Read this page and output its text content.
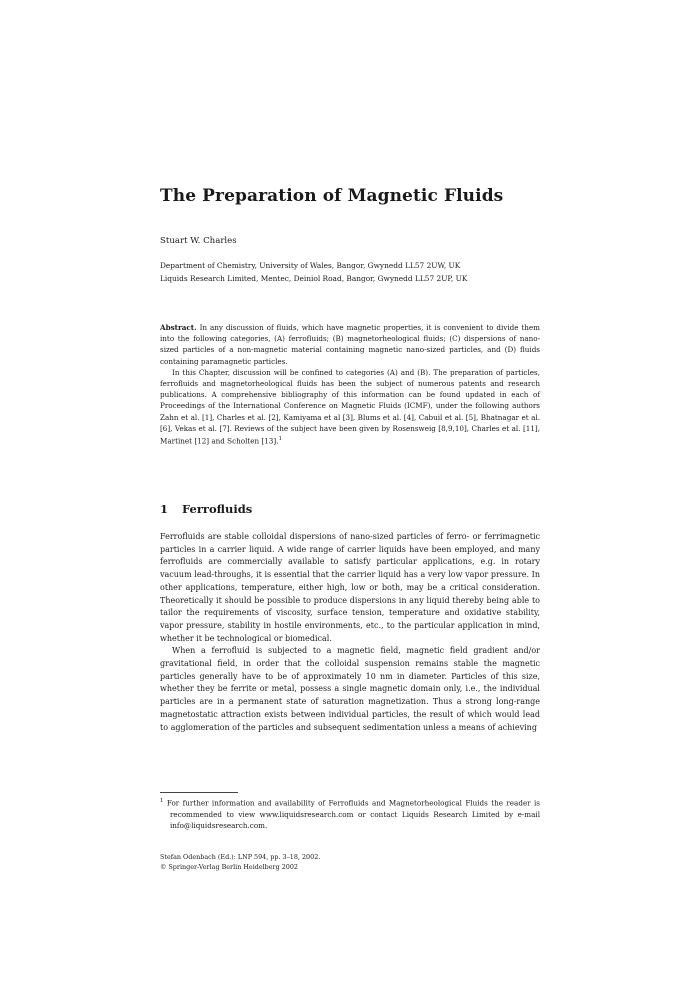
The Preparation of Magnetic Fluids
Stuart W. Charles
Department of Chemistry, University of Wales, Bangor, Gwynedd LL57 2UW, UK
Liquids Research Limited, Mentec, Deiniol Road, Bangor, Gwynedd LL57 2UP, UK

Abstract. In any discussion of fluids, which have magnetic properties, it is convenient to divide them into the following categories, (A) ferrofluids; (B) magnetorheological fluids; (C) dispersions of nano-sized particles of a non-magnetic material containing magnetic nano-sized particles, and (D) fluids containing paramagnetic particles.

In this Chapter, discussion will be confined to categories (A) and (B). The preparation of particles, ferrofluids and magnetorheological fluids has been the subject of numerous patents and research publications. A comprehensive bibliography of this information can be found updated in each of Proceedings of the International Conference on Magnetic Fluids (ICMF), under the following authors Zahn et al. [1], Charles et al. [2], Kamiyama et al [3], Blums et al. [4], Cabuil et al. [5], Bhatnagar et al. [6], Vekas et al. [7]. Reviews of the subject have been given by Rosensweig [8,9,10], Charles et al. [11], Martinet [12] and Scholten [13].$^1$

1 Ferrofluids

Ferrofluids are stable colloidal dispersions of nano-sized particles of ferro- or ferrimagnetic particles in a carrier liquid. A wide range of carrier liquids have been employed, and many ferrofluids are commercially available to satisfy particular applications, e.g. in rotary vacuum lead-throughs, it is essential that the carrier liquid has a very low vapor pressure. In other applications, temperature, either high, low or both, may be a critical consideration. Theoretically it should be possible to produce dispersions in any liquid thereby being able to tailor the requirements of viscosity, surface tension, temperature and oxidative stability, vapor pressure, stability in hostile environments, etc., to the particular application in mind, whether it be technological or biomedical.

When a ferrofluid is subjected to a magnetic field, magnetic field gradient and/or gravitational field, in order that the colloidal suspension remains stable the magnetic particles generally have to be of approximately 10 nm in diameter. Particles of this size, whether they be ferrite or metal, possess a single magnetic domain only, i.e., the individual particles are in a permanent state of saturation magnetization. Thus a strong long-range magnetostatic attraction exists between individual particles, the result of which would lead to agglomeration of the particles and subsequent sedimentation unless a means of achieving

$^1$ For further information and availability of Ferrofluids and Magnetorheological Fluids the reader is recommended to view www.liquidsresearch.com or contact Liquids Research Limited by e-mail info@liquidsresearch.com.
Stefan Odenbach (Ed.): LNP 594, pp. 3–18, 2002.
© Springer-Verlag Berlin Heidelberg 2002
